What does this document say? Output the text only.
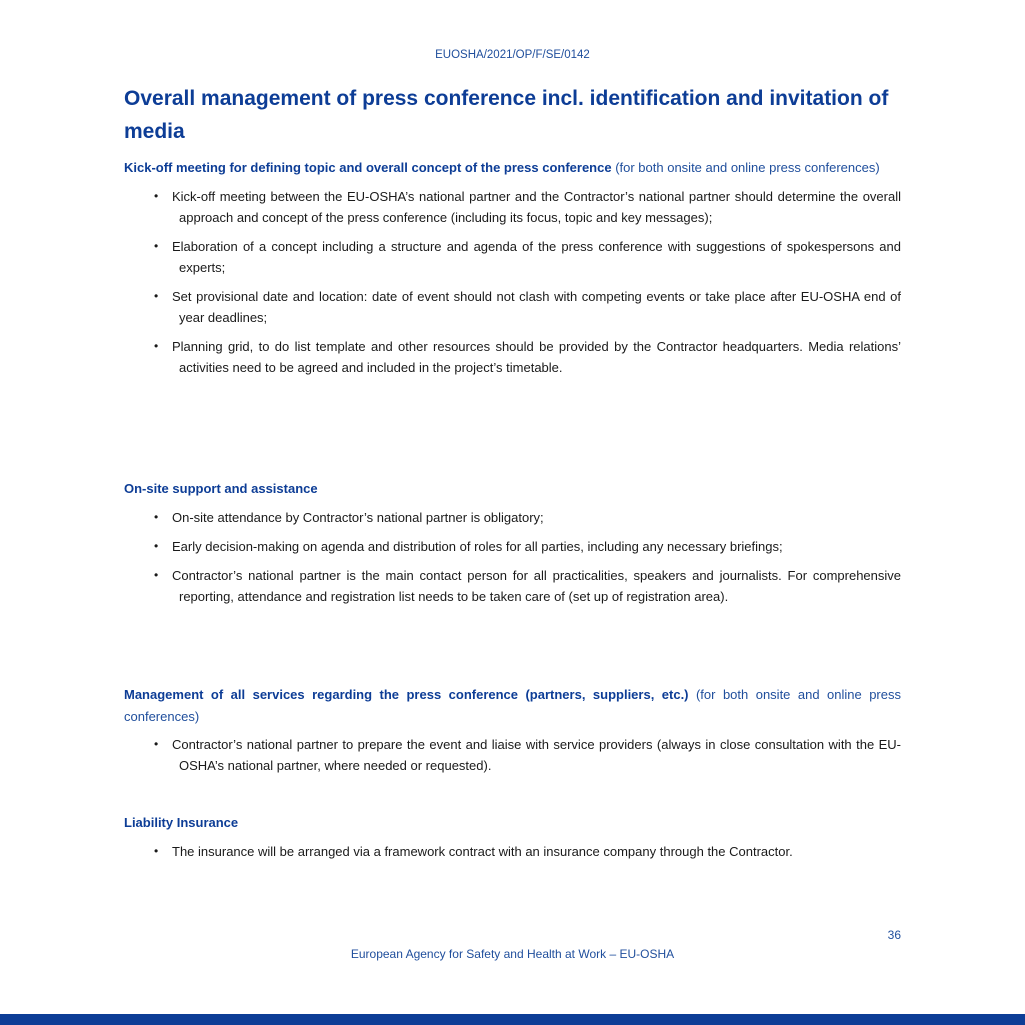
EUOSHA/2021/OP/F/SE/0142
Overall management of press conference incl. identification and invitation of media

Kick-off meeting for defining topic and overall concept of the press conference (for both onsite and online press conferences)

• Kick-off meeting between the EU-OSHA’s national partner and the Contractor’s national partner should determine the overall approach and concept of the press conference (including its focus, topic and key messages);
• Elaboration of a concept including a structure and agenda of the press conference with suggestions of spokespersons and experts;
• Set provisional date and location: date of event should not clash with competing events or take place after EU-OSHA end of year deadlines;
• Planning grid, to do list template and other resources should be provided by the Contractor headquarters. Media relations’ activities need to be agreed and included in the project’s timetable.

On-site support and assistance

• On-site attendance by Contractor’s national partner is obligatory;
• Early decision-making on agenda and distribution of roles for all parties, including any necessary briefings;
• Contractor’s national partner is the main contact person for all practicalities, speakers and journalists. For comprehensive reporting, attendance and registration list needs to be taken care of (set up of registration area).

Management of all services regarding the press conference (partners, suppliers, etc.) (for both onsite and online press conferences)

• Contractor’s national partner to prepare the event and liaise with service providers (always in close consultation with the EU-OSHA’s national partner, where needed or requested).

Liability Insurance

• The insurance will be arranged via a framework contract with an insurance company through the Contractor.
36
European Agency for Safety and Health at Work – EU-OSHA
